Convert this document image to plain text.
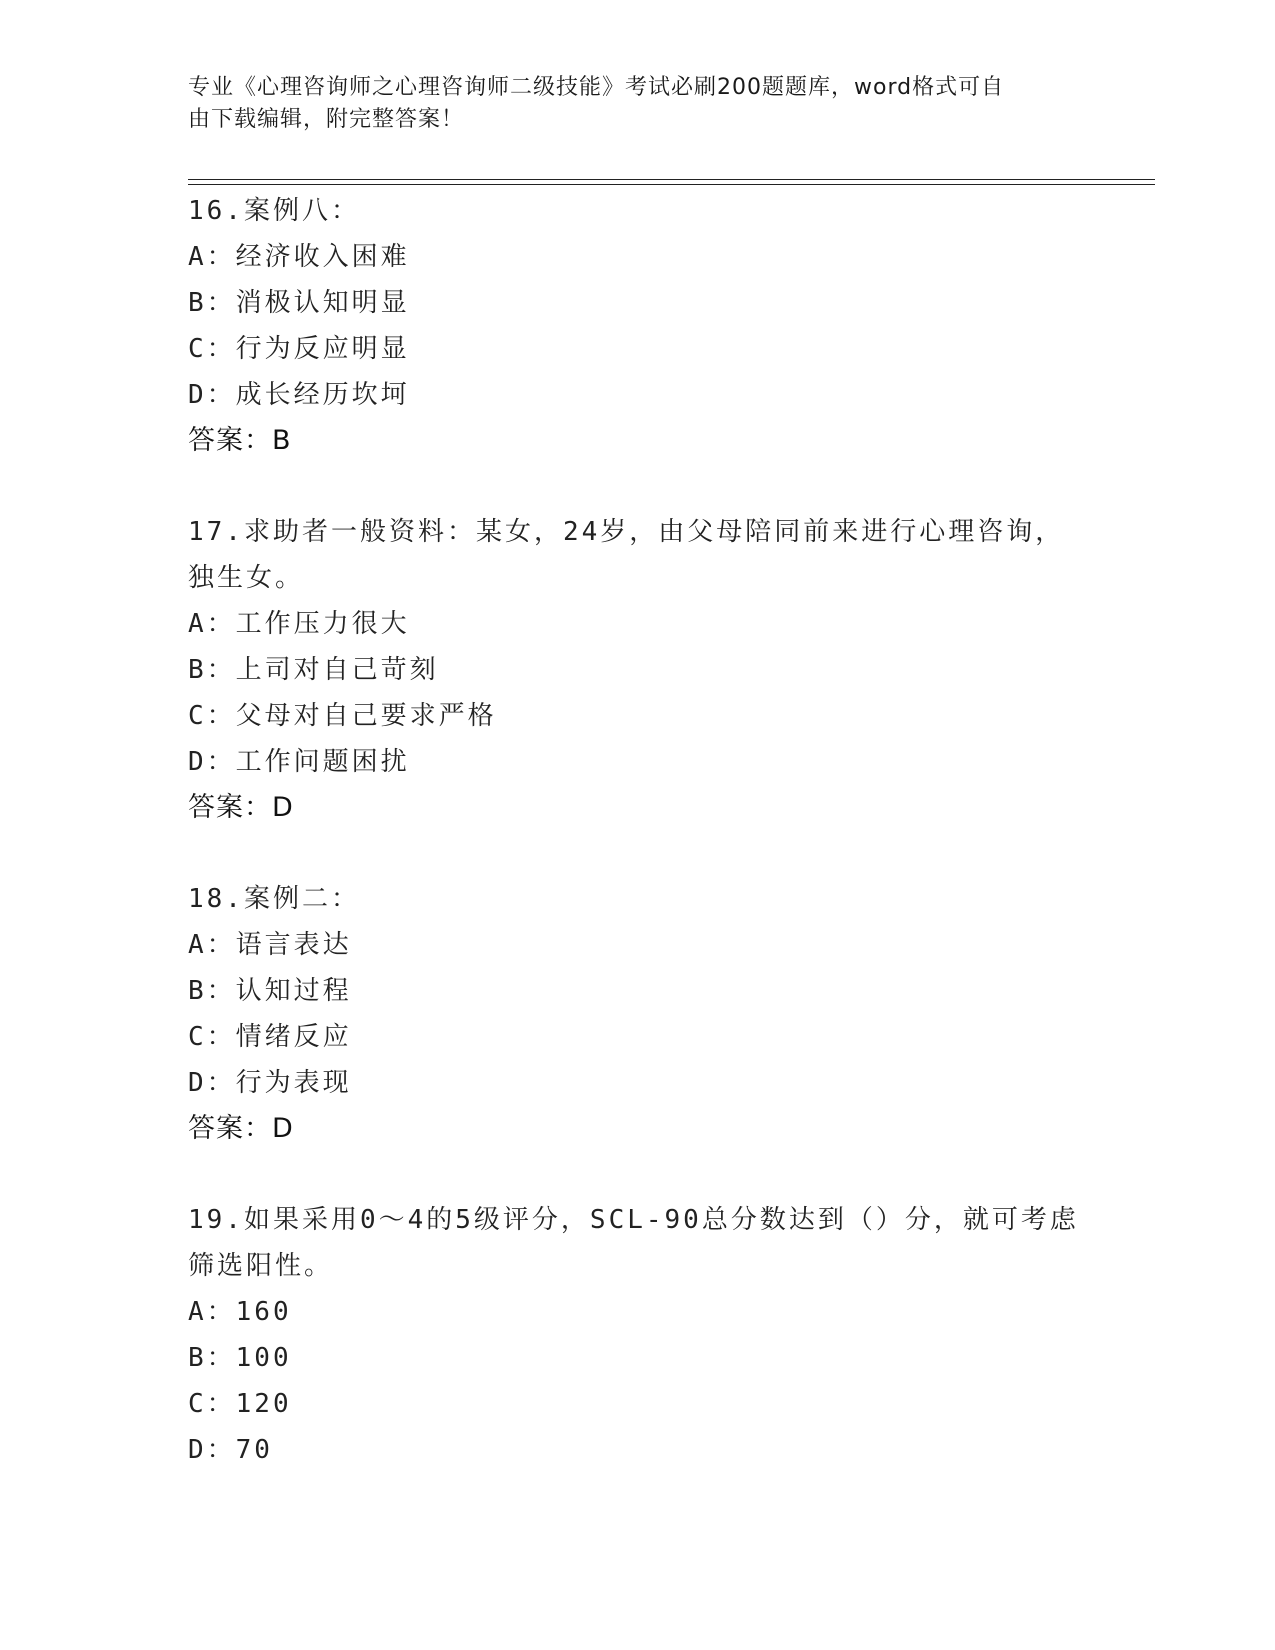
专业《心理咨询师之心理咨询师二级技能》考试必刷200题题库，word格式可自
由下载编辑，附完整答案！
16.案例八：
A：经济收入困难
B：消极认知明显
C：行为反应明显
D：成长经历坎坷
答案：B
17.求助者一般资料：某女，24岁，由父母陪同前来进行心理咨询，独生女。
A：工作压力很大
B：上司对自己苛刻
C：父母对自己要求严格
D：工作问题困扰
答案：D
18.案例二：
A：语言表达
B：认知过程
C：情绪反应
D：行为表现
答案：D
19.如果采用0～4的5级评分，SCL-90总分数达到（）分，就可考虑筛选阳性。
A：160
B：100
C：120
D：70
